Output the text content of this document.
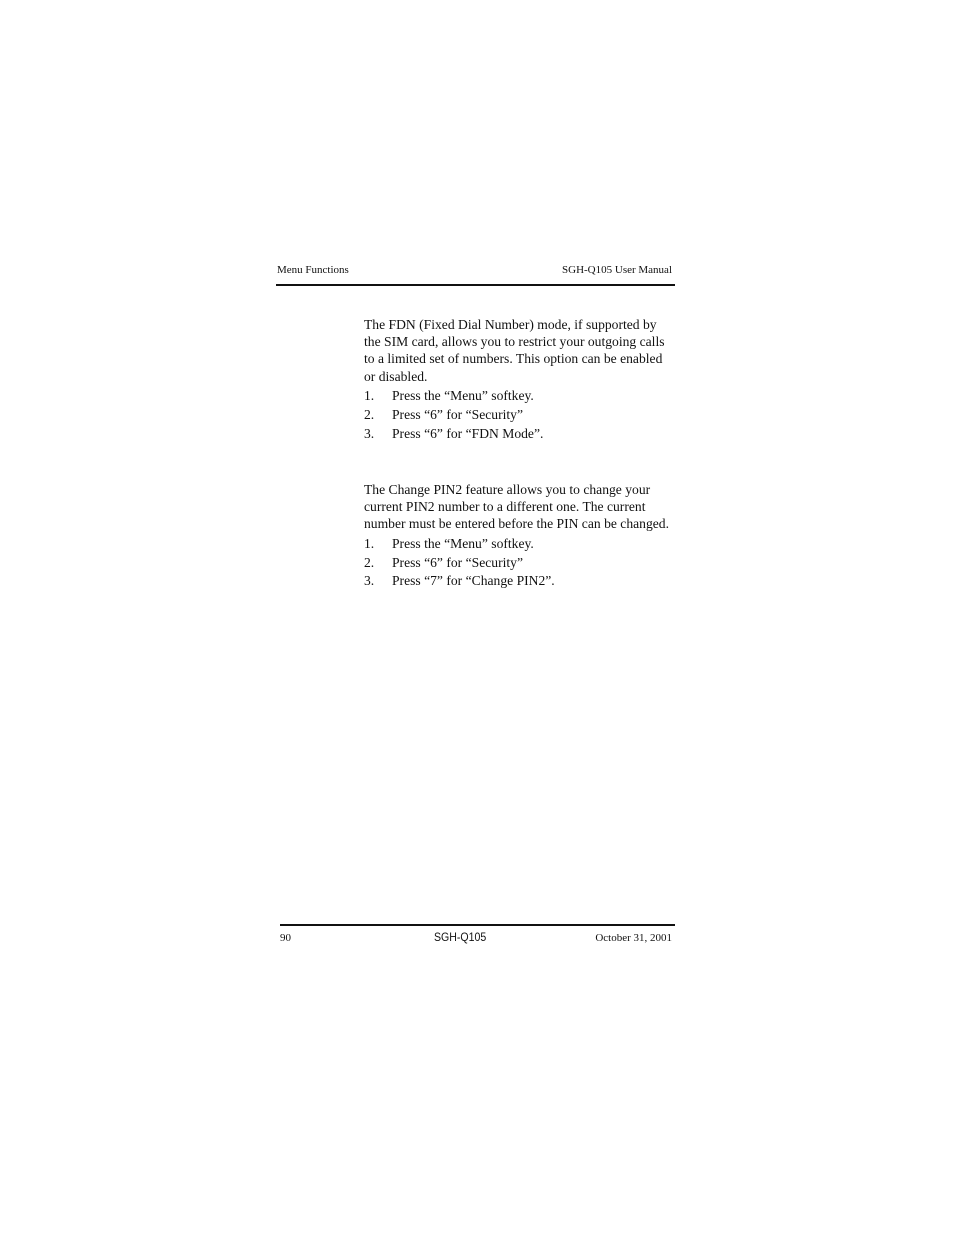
Menu Functions	SGH-Q105 User Manual

The FDN (Fixed Dial Number) mode, if supported by the SIM card, allows you to restrict your outgoing calls to a limited set of numbers. This option can be enabled or disabled.

1. Press the “Menu” softkey.
2. Press “6” for “Security”
3. Press “6” for “FDN Mode”.

The Change PIN2 feature allows you to change your current PIN2 number to a different one. The current number must be entered before the PIN can be changed.

1. Press the “Menu” softkey.
2. Press “6” for “Security”
3. Press “7” for “Change PIN2”.
90	SGH-Q105	October 31, 2001
